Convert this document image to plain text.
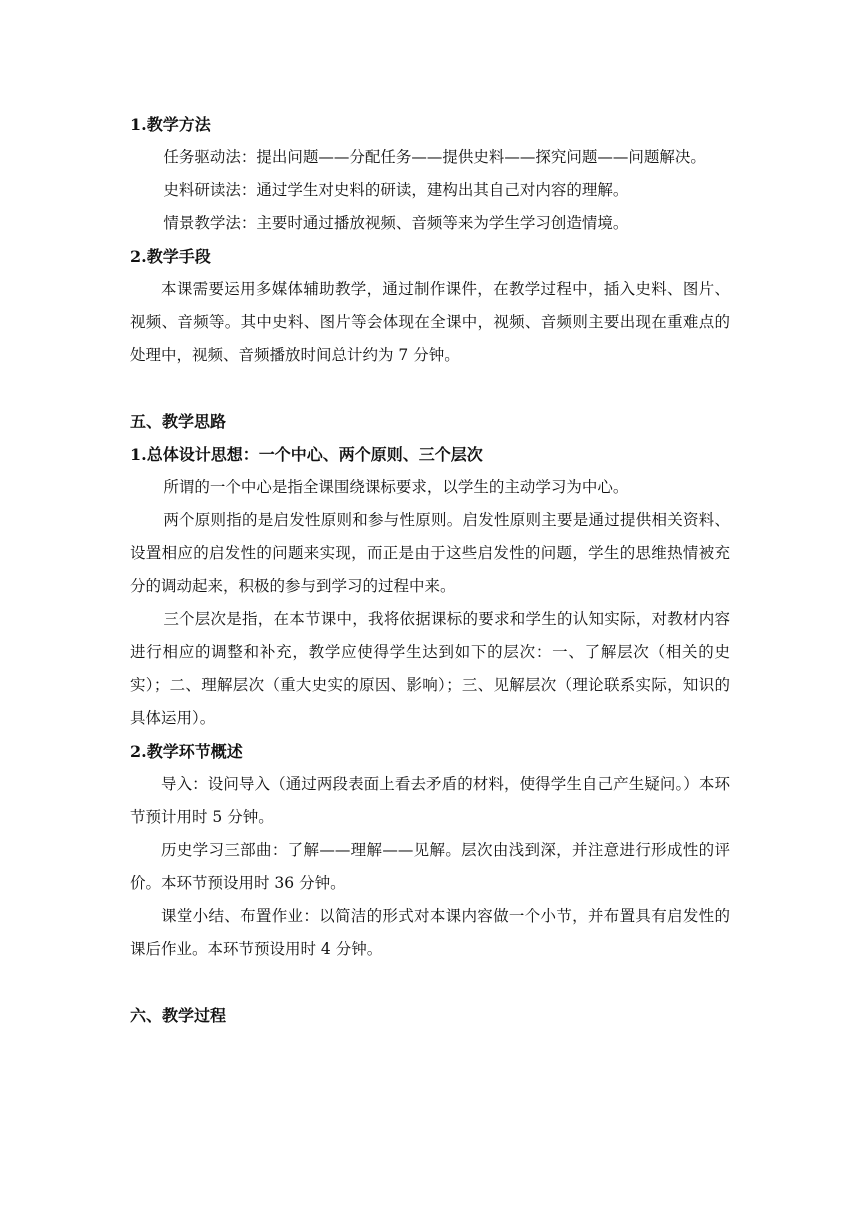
1.教学方法

任务驱动法：提出问题——分配任务——提供史料——探究问题——问题解决。

史料研读法：通过学生对史料的研读，建构出其自己对内容的理解。

情景教学法：主要时通过播放视频、音频等来为学生学习创造情境。

2.教学手段

本课需要运用多媒体辅助教学，通过制作课件，在教学过程中，插入史料、图片、视频、音频等。其中史料、图片等会体现在全课中，视频、音频则主要出现在重难点的处理中，视频、音频播放时间总计约为 7 分钟。

五、教学思路

1.总体设计思想：一个中心、两个原则、三个层次

所谓的一个中心是指全课围绕课标要求，以学生的主动学习为中心。

两个原则指的是启发性原则和参与性原则。启发性原则主要是通过提供相关资料、设置相应的启发性的问题来实现，而正是由于这些启发性的问题，学生的思维热情被充分的调动起来，积极的参与到学习的过程中来。

三个层次是指，在本节课中，我将依据课标的要求和学生的认知实际，对教材内容进行相应的调整和补充，教学应使得学生达到如下的层次：一、了解层次（相关的史实）；二、理解层次（重大史实的原因、影响）；三、见解层次（理论联系实际，知识的具体运用）。

2.教学环节概述

导入：设问导入（通过两段表面上看去矛盾的材料，使得学生自己产生疑问。）本环节预计用时 5 分钟。

历史学习三部曲：了解——理解——见解。层次由浅到深，并注意进行形成性的评价。本环节预设用时 36 分钟。

课堂小结、布置作业：以简洁的形式对本课内容做一个小节，并布置具有启发性的课后作业。本环节预设用时 4 分钟。

六、教学过程
